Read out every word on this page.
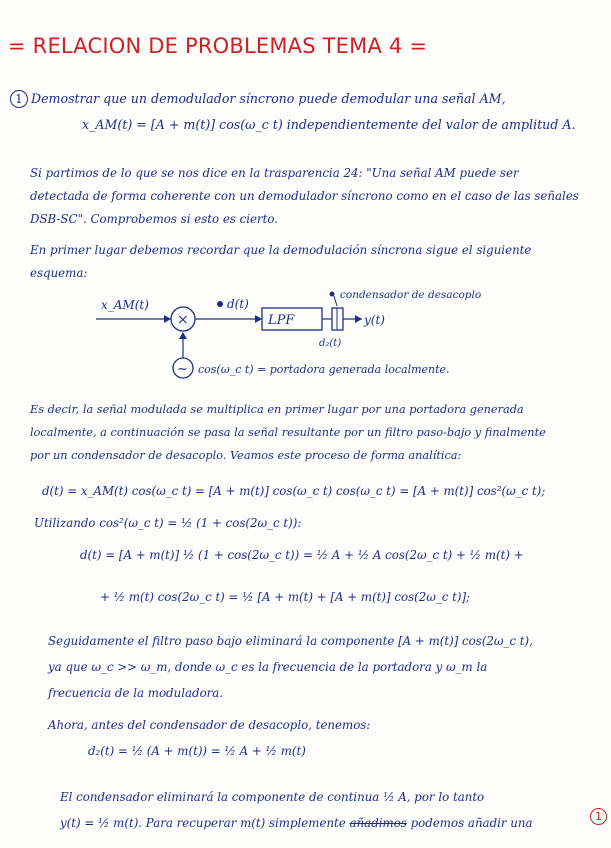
= RELACION DE PROBLEMAS TEMA 4 =
1 Demostrar que un demodulador síncrono puede demodular una señal AM,
x_AM(t) = [A + m(t)] cos(ω_c t) independientemente del valor de amplitud A.
Si partimos de lo que se nos dice en la trasparencia 24: "Una señal AM puede ser
detectada de forma coherente con un demodulador síncrono como en el caso de las señales
DSB-SC". Comprobemos si esto es cierto.
En primer lugar debemos recordar que la demodulación síncrona sigue el siguiente
esquema:
x_AM(t)
×
d(t)
LPF	y(t)
condensador de desacoplo
d₂(t)
~ cos(ω_c t) = portadora generada localmente.
Es decir, la señal modulada se multiplica en primer lugar por una portadora generada
localmente, a continuación se pasa la señal resultante por un filtro paso-bajo y finalmente
por un condensador de desacoplo. Veamos este proceso de forma analítica:
d(t) = x_AM(t) cos(ω_c t) = [A + m(t)] cos(ω_c t) cos(ω_c t) = [A + m(t)] cos²(ω_c t);
Utilizando cos²(ω_c t) = ½ (1 + cos(2ω_c t)):
d(t) = [A + m(t)] ½ (1 + cos(2ω_c t)) = ½ A + ½ A cos(2ω_c t) + ½ m(t) +
+ ½ m(t) cos(2ω_c t) = ½ [A + m(t) + [A + m(t)] cos(2ω_c t)];
Seguidamente el filtro paso bajo eliminará la componente [A + m(t)] cos(2ω_c t),
ya que ω_c >> ω_m, donde ω_c es la frecuencia de la portadora y ω_m la
frecuencia de la moduladora.
Ahora, antes del condensador de desacoplo, tenemos:
d₂(t) = ½ (A + m(t)) = ½ A + ½ m(t)
El condensador eliminará la componente de continua ½ A, por lo tanto
y(t) = ½ m(t). Para recuperar m(t) simplemente añadimos podemos añadir una	1
